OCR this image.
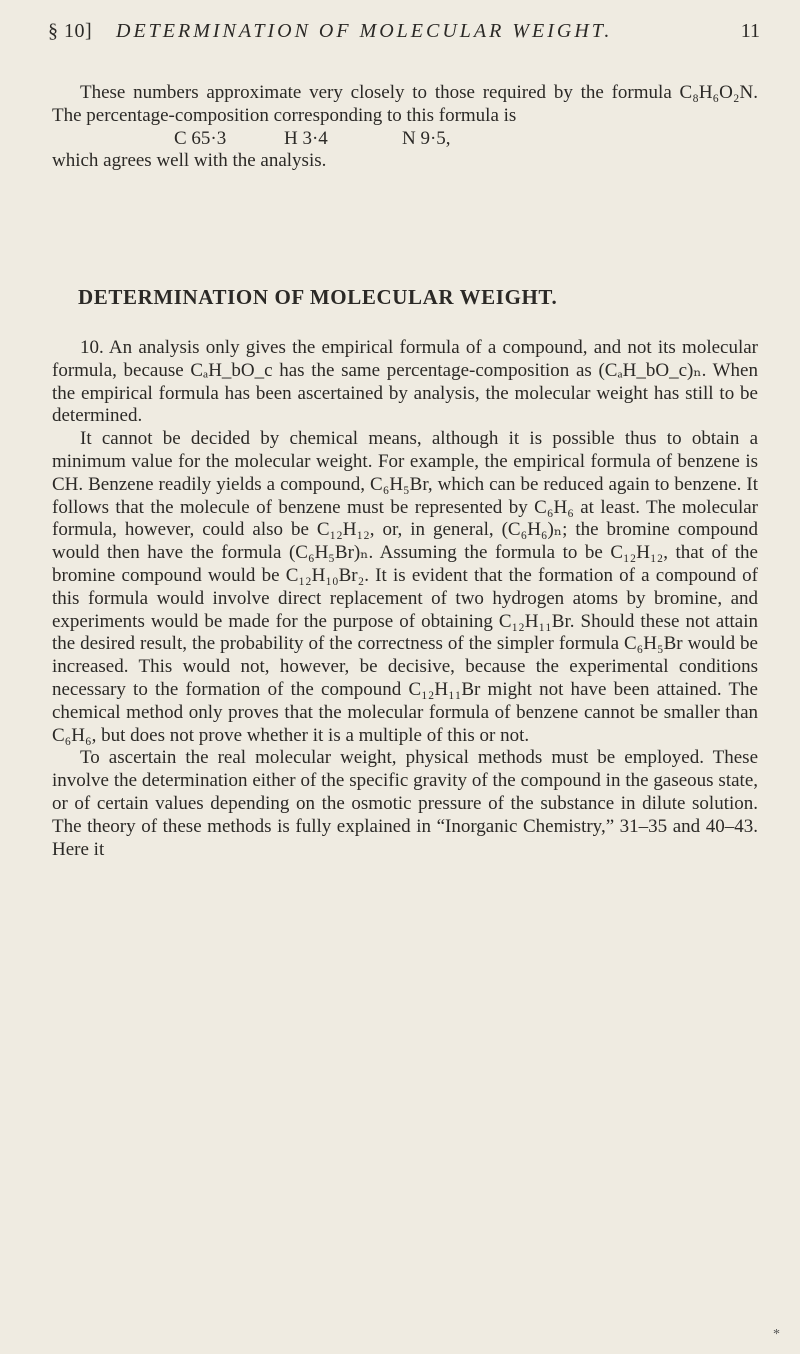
§ 10] DETERMINATION OF MOLECULAR WEIGHT.	11

These numbers approximate very closely to those required by the formula C₈H₆O₂N. The percentage-composition corresponding to this formula is

C 65·3	H 3·4	N 9·5,

which agrees well with the analysis.

DETERMINATION OF MOLECULAR WEIGHT.

10. An analysis only gives the empirical formula of a compound, and not its molecular formula, because CₐH_bO_c has the same percentage-composition as (CₐH_bO_c)ₙ. When the empirical formula has been ascertained by analysis, the molecular weight has still to be determined.

It cannot be decided by chemical means, although it is possible thus to obtain a minimum value for the molecular weight. For example, the empirical formula of benzene is CH. Benzene readily yields a compound, C₆H₅Br, which can be reduced again to benzene. It follows that the molecule of benzene must be represented by C₆H₆ at least. The molecular formula, however, could also be C₁₂H₁₂, or, in general, (C₆H₆)ₙ; the bromine compound would then have the formula (C₆H₅Br)ₙ. Assuming the formula to be C₁₂H₁₂, that of the bromine compound would be C₁₂H₁₀Br₂. It is evident that the formation of a compound of this formula would involve direct replacement of two hydrogen atoms by bromine, and experiments would be made for the purpose of obtaining C₁₂H₁₁Br. Should these not attain the desired result, the probability of the correctness of the simpler formula C₆H₅Br would be increased. This would not, however, be decisive, because the experimental conditions necessary to the formation of the compound C₁₂H₁₁Br might not have been attained. The chemical method only proves that the molecular formula of benzene cannot be smaller than C₆H₆, but does not prove whether it is a multiple of this or not.

To ascertain the real molecular weight, physical methods must be employed. These involve the determination either of the specific gravity of the compound in the gaseous state, or of certain values depending on the osmotic pressure of the substance in dilute solution. The theory of these methods is fully explained in “Inorganic Chemistry,” 31–35 and 40–43. Here it

*
